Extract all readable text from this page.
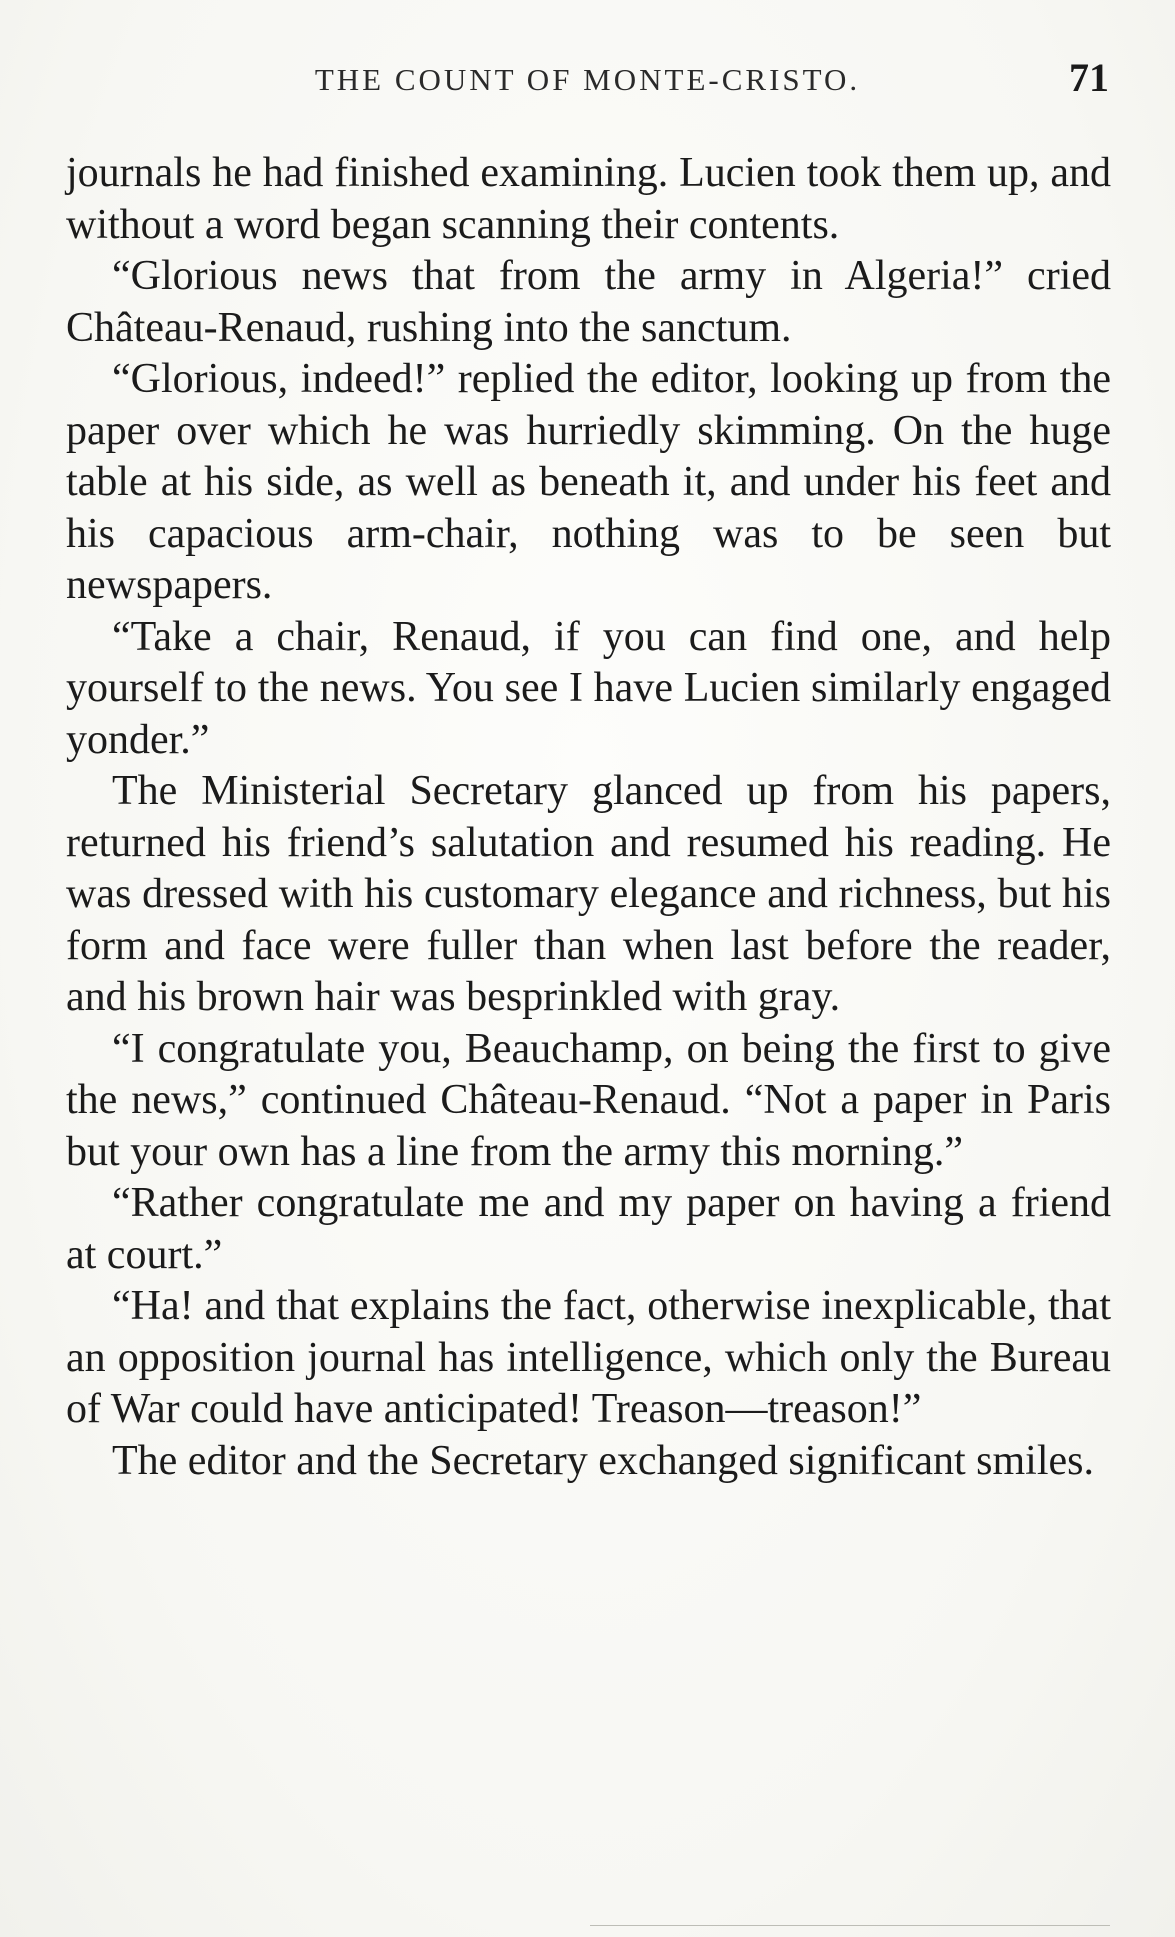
THE COUNT OF MONTE-CRISTO.	71

journals he had finished examining. Lucien took them up, and without a word began scanning their contents.

“Glorious news that from the army in Algeria!” cried Château-Renaud, rushing into the sanctum.

“Glorious, indeed!” replied the editor, looking up from the paper over which he was hurriedly skimming. On the huge table at his side, as well as beneath it, and under his feet and his capacious arm-chair, nothing was to be seen but newspapers.

“Take a chair, Renaud, if you can find one, and help yourself to the news. You see I have Lucien similarly engaged yonder.”

The Ministerial Secretary glanced up from his papers, returned his friend’s salutation and resumed his reading. He was dressed with his customary elegance and richness, but his form and face were fuller than when last before the reader, and his brown hair was besprinkled with gray.

“I congratulate you, Beauchamp, on being the first to give the news,” continued Château-Renaud. “Not a paper in Paris but your own has a line from the army this morning.”

“Rather congratulate me and my paper on having a friend at court.”

“Ha! and that explains the fact, otherwise inexplicable, that an opposition journal has intelligence, which only the Bureau of War could have anticipated! Treason—treason!”

The editor and the Secretary exchanged significant smiles.
